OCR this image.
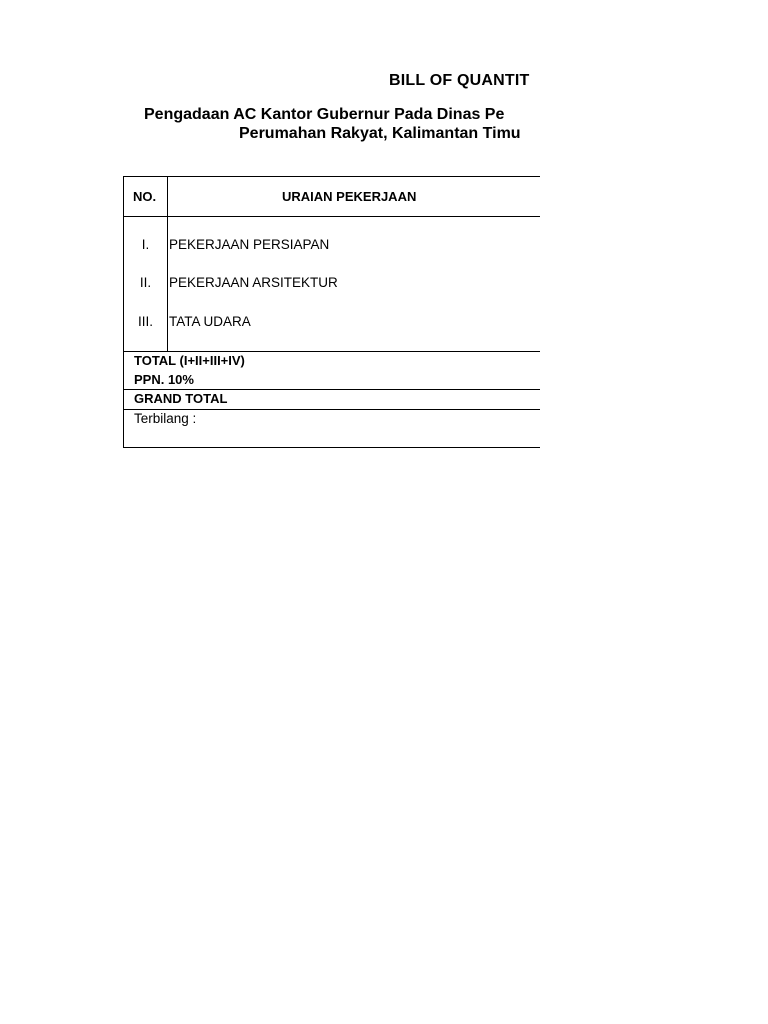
BILL OF QUANTIT
Pengadaan AC Kantor Gubernur Pada Dinas Pe
Perumahan Rakyat, Kalimantan Timu
NO.	URAIAN PEKERJAAN
I.	PEKERJAAN PERSIAPAN
II.	PEKERJAAN ARSITEKTUR
III.	TATA UDARA
TOTAL (I+II+III+IV)
PPN. 10%
GRAND TOTAL
Terbilang :
